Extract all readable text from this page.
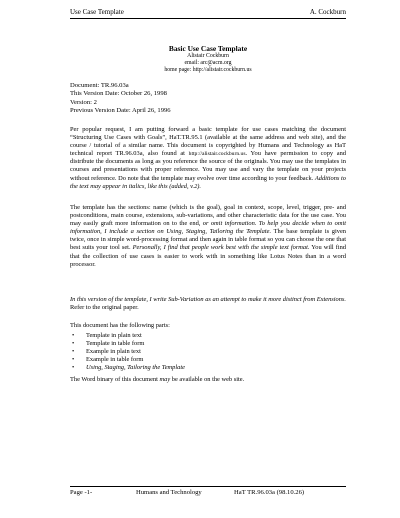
Use Case Template	A. Cockburn
Basic Use Case Template
Alistair Cockburn
email: arc@acm.org
home page: http://alistair.cockburn.us
Document: TR.96.03a
This Version Date: October 26, 1998
Version: 2
Previous Version Date: April 26, 1996
Per popular request, I am putting forward a basic template for use cases matching the document “Structuring Use Cases with Goals”, HaT.TR.95.1 (available at the same address and web site), and the course / tutorial of a similar name. This document is copyrighted by Humans and Technology as HaT technical report TR.96.03a, also found at http://alistair.cockburn.us. You have permission to copy and distribute the documents as long as you reference the source of the originals. You may use the templates in courses and presentations with proper reference. You may use and vary the template on your projects without reference. Do note that the template may evolve over time according to your feedback. Additions to the text may appear in italics, like this (added, v.2).
The template has the sections: name (which is the goal), goal in context, scope, level, trigger, pre- and postconditions, main course, extensions, sub-variations, and other characteristic data for the use case. You may easily graft more information on to the end, or omit information. To help you decide when to omit information, I include a section on Using, Staging, Tailoring the Template. The base template is given twice, once in simple word-processing format and then again in table format so you can choose the one that best suits your tool set. Personally, I find that people work best with the simple text format. You will find that the collection of use cases is easier to work with in something like Lotus Notes than in a word processor.
In this version of the template, I write Sub-Variation as an attempt to make it more distinct from Extensions. Refer to the original paper.
This document has the following parts:
• Template in plain text
• Template in table form
• Example in plain text
• Example in table form
• Using, Staging, Tailoring the Template
The Word binary of this document may be available on the web site.
Page -1-	Humans and Technology	HaT TR.96.03a (98.10.26)
